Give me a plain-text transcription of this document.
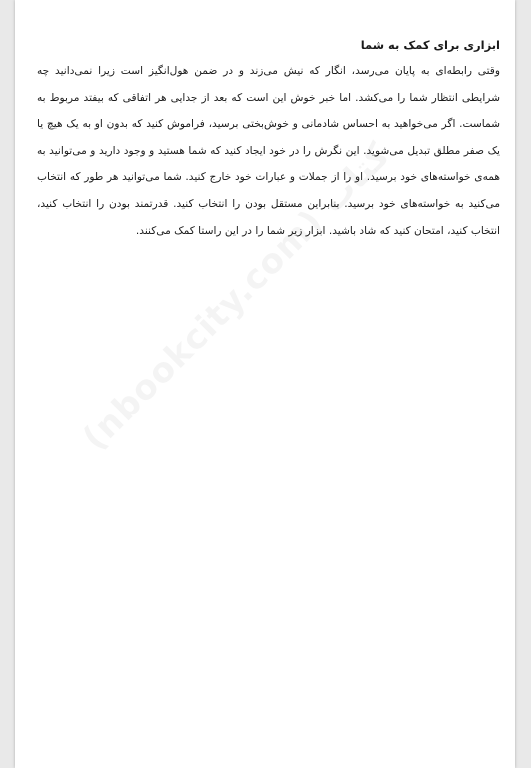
ابزاری برای کمک به شما

وقتی رابطه‌ای به پایان می‌رسد، انگار که نیش می‌زند و در ضمن هول‌انگیز است زیرا نمی‌دانید چه شرایطی انتظار شما را می‌کشد. اما خبر خوش این است که بعد از جدایی هر اتفاقی که بیفتد مربوط به شماست. اگر می‌خواهید به احساس شادمانی و خوش‌بختی برسید، فراموش کنید که بدون او به یک هیچ یا یک صفر مطلق تبدیل می‌شوید. این نگرش را در خود ایجاد کنید که شما هستید و وجود دارید و می‌توانید به همه‌ی خواسته‌های خود برسید. او را از جملات و عبارات خود خارج کنید. شما می‌توانید هر طور که انتخاب می‌کنید به خواسته‌های خود برسید. بنابراین مستقل بودن را انتخاب کنید. قدرتمند بودن را انتخاب کنید، انتخاب کنید، امتحان کنید که شاد باشید. ابزار زیر شما را در این راستا کمک می‌کنند.
